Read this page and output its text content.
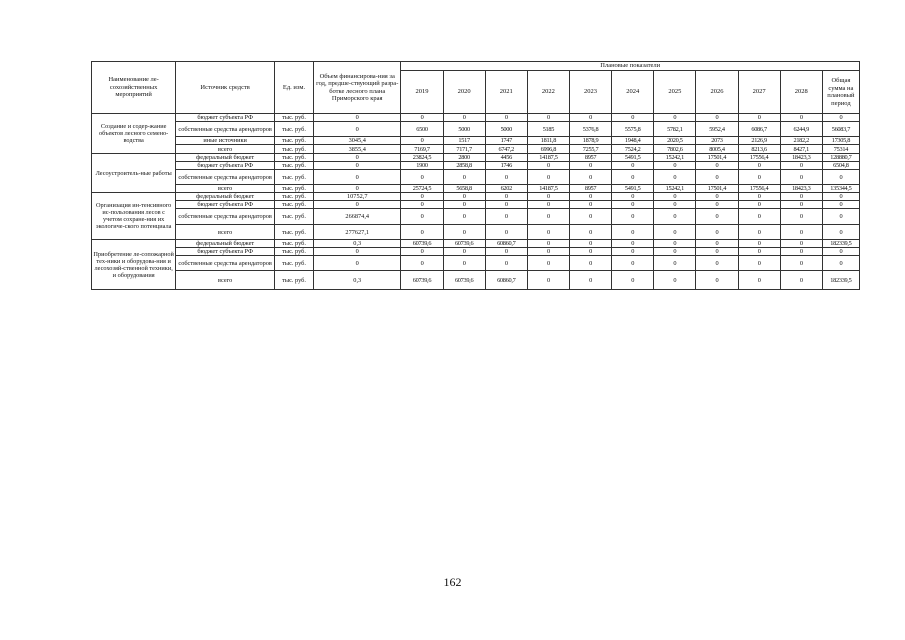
Наименование ле-сохозяйственных мероприятий	Источник средств	Ед. изм.	Объем финансирова-ния за год, предше-ствующий разра-ботке лесного плана Приморского края	Плановые показатели										
				2019	2020	2021	2022	2023	2024	2025	2026	2027	2028	Общая сумма на плановый период
Создание и содер-жание объектов лесного семено-водства	бюджет субъекта РФ	тыс. руб.	0	0	0	0	0	0	0	0	0	0	0	0
	собственные средства арендаторов	тыс. руб.	0	6500	5000	5000	5185	5376,8	5575,8	5782,1	5952,4	6086,7	6244,9	56083,7
	иные источники	тыс. руб.	3045,4	0	1517	1747	1811,8	1878,9	1948,4	2020,5	2073	2126,9	2182,2	17305,8
	всего	тыс. руб.	3855,4	7169,7	7171,7	6747,2	6996,8	7255,7	7524,2	7802,6	8005,4	8213,6	8427,1	75314
Лесоустроитель-ные работы	федеральный бюджет	тыс. руб.	0	23824,5	2800	4456	14187,5	8957	5491,5	15242,1	17501,4	17556,4	18423,3	128880,7
	бюджет субъекта РФ	тыс. руб.	0	1900	2858,8	1746	0	0	0	0	0	0	0	6504,8
	собственные средства арендаторов	тыс. руб.	0	0	0	0	0	0	0	0	0	0	0	0
	всего	тыс. руб.	0	25724,5	5658,8	6202	14187,5	8957	5491,5	15242,1	17501,4	17556,4	18423,3	135344,5
Организация ин-тенсивного ис-пользования лесов с учетом сохране-ния их экологиче-ского потенциала	федеральный бюджет	тыс. руб.	10752,7	0	0	0	0	0	0	0	0	0	0	0
	бюджет субъекта РФ	тыс. руб.	0	0	0	0	0	0	0	0	0	0	0	0
	собственные средства арендаторов	тыс. руб.	266874,4	0	0	0	0	0	0	0	0	0	0	0
	всего	тыс. руб.	277627,1	0	0	0	0	0	0	0	0	0	0	0
Приобретение ле-сопожарной тех-ники и оборудова-ния и лесохозяй-ственной техники, и оборудования	федеральный бюджет	тыс. руб.	0,3	60739,6	60739,6	60860,7	0	0	0	0	0	0	0	182339,5
	бюджет субъекта РФ	тыс. руб.	0	0	0	0	0	0	0	0	0	0	0	0
	собственные средства арендаторов	тыс. руб.	0	0	0	0	0	0	0	0	0	0	0	0
	всего	тыс. руб.	0,3	60739,6	60739,6	60860,7	0	0	0	0	0	0	0	182339,5
162
